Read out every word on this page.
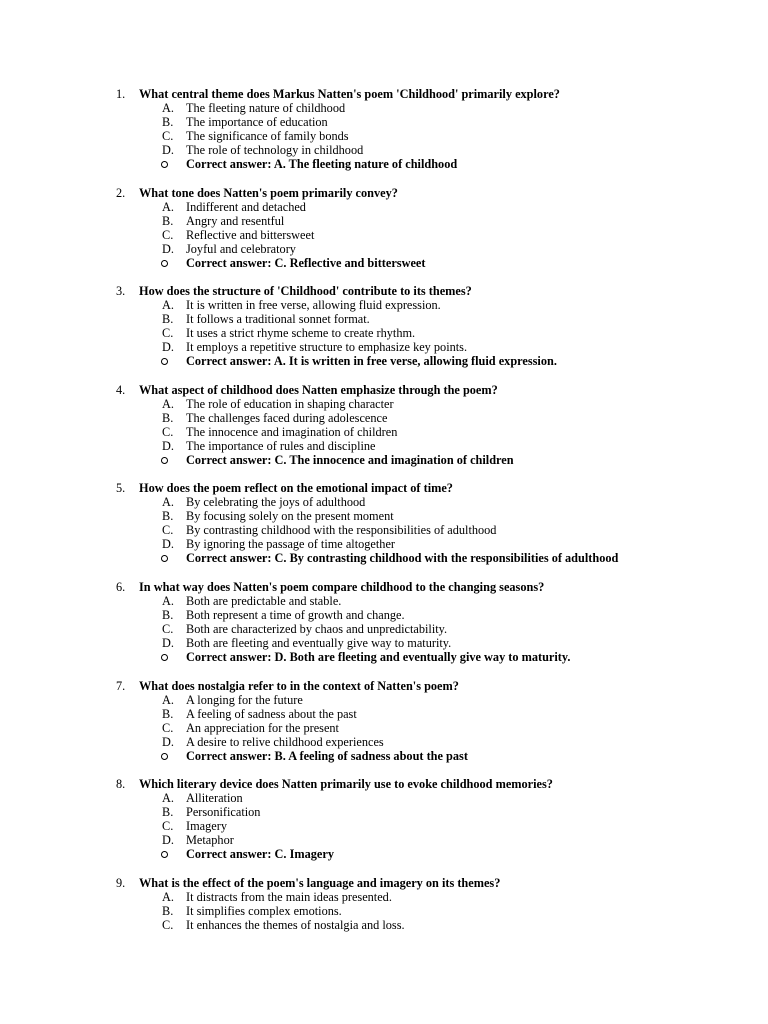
1. What central theme does Markus Natten's poem 'Childhood' primarily explore?
A. The fleeting nature of childhood
B. The importance of education
C. The significance of family bonds
D. The role of technology in childhood
Correct answer: A. The fleeting nature of childhood
2. What tone does Natten's poem primarily convey?
A. Indifferent and detached
B. Angry and resentful
C. Reflective and bittersweet
D. Joyful and celebratory
Correct answer: C. Reflective and bittersweet
3. How does the structure of 'Childhood' contribute to its themes?
A. It is written in free verse, allowing fluid expression.
B. It follows a traditional sonnet format.
C. It uses a strict rhyme scheme to create rhythm.
D. It employs a repetitive structure to emphasize key points.
Correct answer: A. It is written in free verse, allowing fluid expression.
4. What aspect of childhood does Natten emphasize through the poem?
A. The role of education in shaping character
B. The challenges faced during adolescence
C. The innocence and imagination of children
D. The importance of rules and discipline
Correct answer: C. The innocence and imagination of children
5. How does the poem reflect on the emotional impact of time?
A. By celebrating the joys of adulthood
B. By focusing solely on the present moment
C. By contrasting childhood with the responsibilities of adulthood
D. By ignoring the passage of time altogether
Correct answer: C. By contrasting childhood with the responsibilities of adulthood
6. In what way does Natten's poem compare childhood to the changing seasons?
A. Both are predictable and stable.
B. Both represent a time of growth and change.
C. Both are characterized by chaos and unpredictability.
D. Both are fleeting and eventually give way to maturity.
Correct answer: D. Both are fleeting and eventually give way to maturity.
7. What does nostalgia refer to in the context of Natten's poem?
A. A longing for the future
B. A feeling of sadness about the past
C. An appreciation for the present
D. A desire to relive childhood experiences
Correct answer: B. A feeling of sadness about the past
8. Which literary device does Natten primarily use to evoke childhood memories?
A. Alliteration
B. Personification
C. Imagery
D. Metaphor
Correct answer: C. Imagery
9. What is the effect of the poem's language and imagery on its themes?
A. It distracts from the main ideas presented.
B. It simplifies complex emotions.
C. It enhances the themes of nostalgia and loss.
